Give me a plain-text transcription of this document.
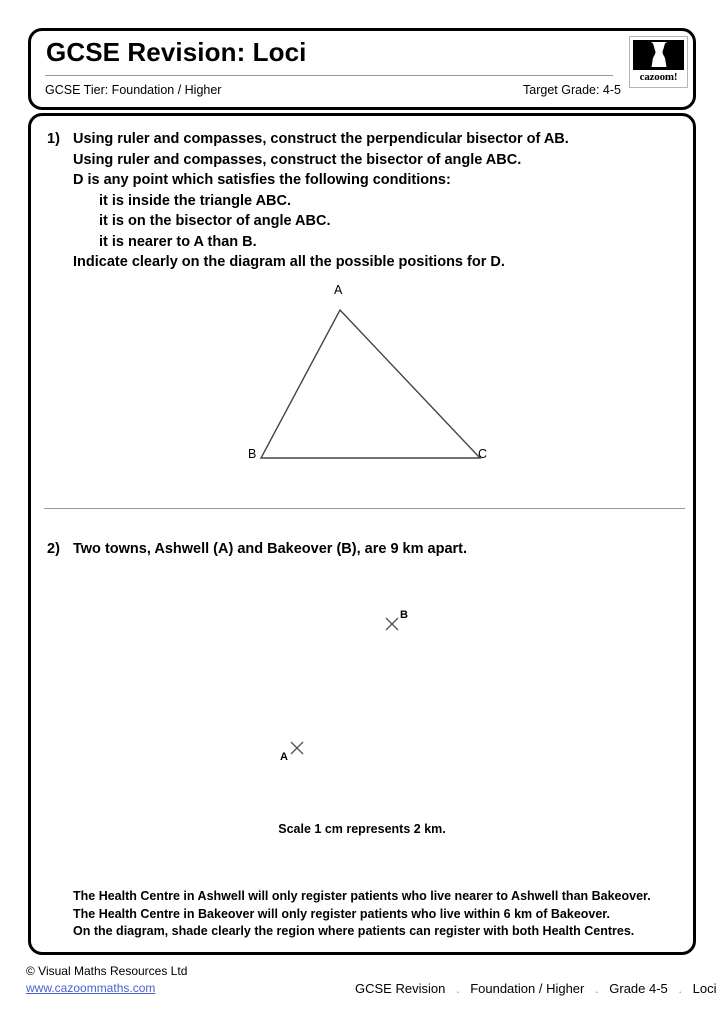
GCSE Revision: Loci
GCSE Tier: Foundation / Higher	Target Grade: 4-5
cazoom!
1) Using ruler and compasses, construct the perpendicular bisector of AB.
Using ruler and compasses, construct the bisector of angle ABC.
D is any point which satisfies the following conditions:
it is inside the triangle ABC.
it is on the bisector of angle ABC.
it is nearer to A than B.
Indicate clearly on the diagram all the possible positions for D.
A
B	C
2) Two towns, Ashwell (A) and Bakeover (B), are 9 km apart.
B
A
Scale 1 cm represents 2 km.
The Health Centre in Ashwell will only register patients who live nearer to Ashwell than Bakeover.
The Health Centre in Bakeover will only register patients who live within 6 km of Bakeover.
On the diagram, shade clearly the region where patients can register with both Health Centres.
© Visual Maths Resources Ltd
www.cazoommaths.com	GCSE Revision . Foundation / Higher . Grade 4-5 . Loci
